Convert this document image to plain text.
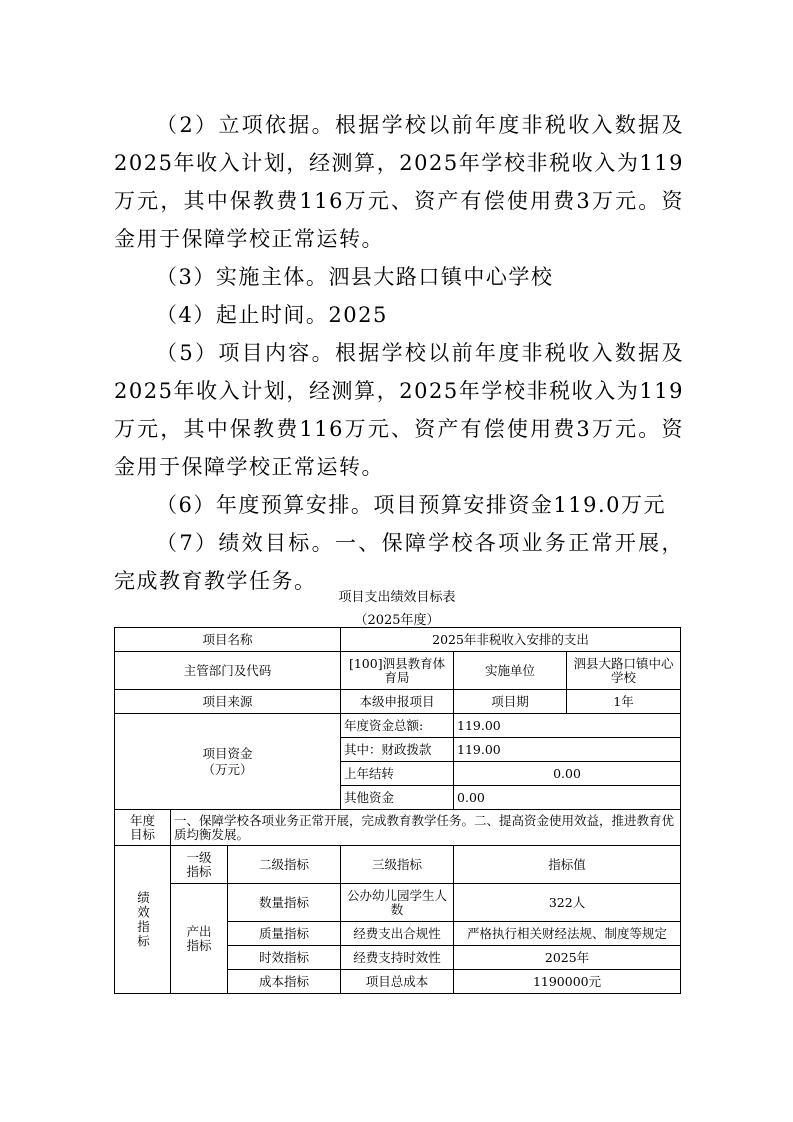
（2）立项依据。根据学校以前年度非税收入数据及2025年收入计划，经测算，2025年学校非税收入为119万元，其中保教费116万元、资产有偿使用费3万元。资金用于保障学校正常运转。

（3）实施主体。泗县大路口镇中心学校

（4）起止时间。2025

（5）项目内容。根据学校以前年度非税收入数据及2025年收入计划，经测算，2025年学校非税收入为119万元，其中保教费116万元、资产有偿使用费3万元。资金用于保障学校正常运转。

（6）年度预算安排。项目预算安排资金119.0万元

（7）绩效目标。一、保障学校各项业务正常开展，完成教育教学任务。

项目支出绩效目标表

（2025年度）

项目名称			2025年非税收入安排的支出		
主管部门及代码			[100]泗县教育体育局	实施单位	泗县大路口镇中心学校
项目来源			本级申报项目	项目期	1年

项目资金（万元）			年度资金总额:	119.00	
			其中：财政拨款	119.00	
			上年结转	0.00	
			其他资金	0.00	

年度目标	一、保障学校各项业务正常开展，完成教育教学任务。二、提高资金使用效益，推进教育优质均衡发展。				

绩效指标	一级指标	二级指标	三级指标	指标值	

	产出指标	数量指标	公办幼儿园学生人数	322人	
		质量指标	经费支出合规性	严格执行相关财经法规、制度等规定	
		时效指标	经费支持时效性	2025年	
		成本指标	项目总成本	1190000元	
